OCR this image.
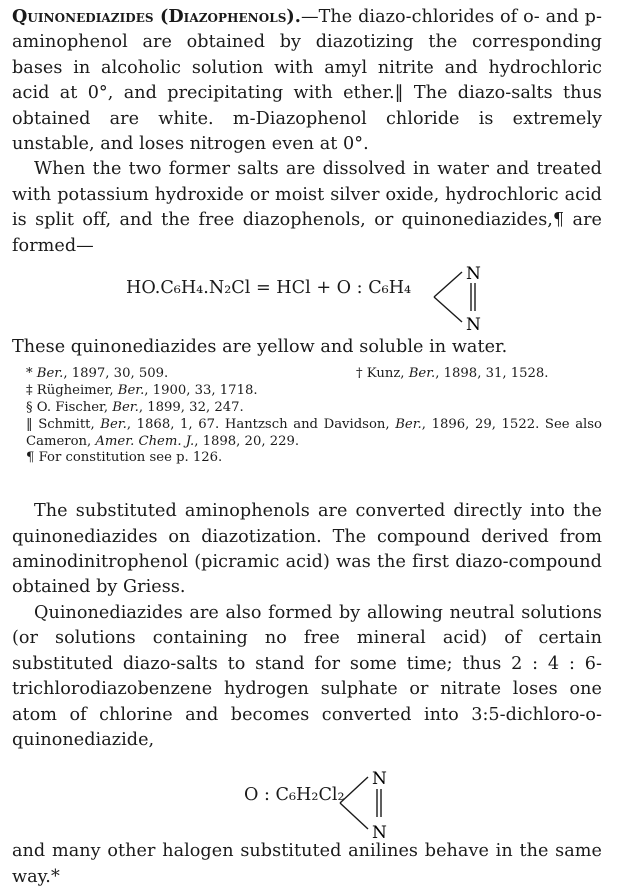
Quinonediazides (Diazophenols).—The diazo-chlorides of o- and p-aminophenol are obtained by diazotizing the corresponding bases in alcoholic solution with amyl nitrite and hydrochloric acid at 0°, and precipitating with ether.‖ The diazo-salts thus obtained are white. m-Diazophenol chloride is extremely unstable, and loses nitrogen even at 0°.

When the two former salts are dissolved in water and treated with potassium hydroxide or moist silver oxide, hydrochloric acid is split off, and the free diazophenols, or quinonediazides,¶ are formed—

HO.C₆H₄.N₂Cl = HCl + O : C₆H₄
N
N

These quinonediazides are yellow and soluble in water.

* Ber., 1897, 30, 509.	† Kunz, Ber., 1898, 31, 1528.
‡ Rügheimer, Ber., 1900, 33, 1718.
§ O. Fischer, Ber., 1899, 32, 247.
‖ Schmitt, Ber., 1868, 1, 67. Hantzsch and Davidson, Ber., 1896, 29, 1522. See also Cameron, Amer. Chem. J., 1898, 20, 229.
¶ For constitution see p. 126.

The substituted aminophenols are converted directly into the quinonediazides on diazotization. The compound derived from aminodinitrophenol (picramic acid) was the first diazo-compound obtained by Griess.

Quinonediazides are also formed by allowing neutral solutions (or solutions containing no free mineral acid) of certain substituted diazo-salts to stand for some time; thus 2 : 4 : 6-trichlorodiazobenzene hydrogen sulphate or nitrate loses one atom of chlorine and becomes converted into 3:5-dichloro-o-quinonediazide,

O : C₆H₂Cl₂
N
N

and many other halogen substituted anilines behave in the same way.*
